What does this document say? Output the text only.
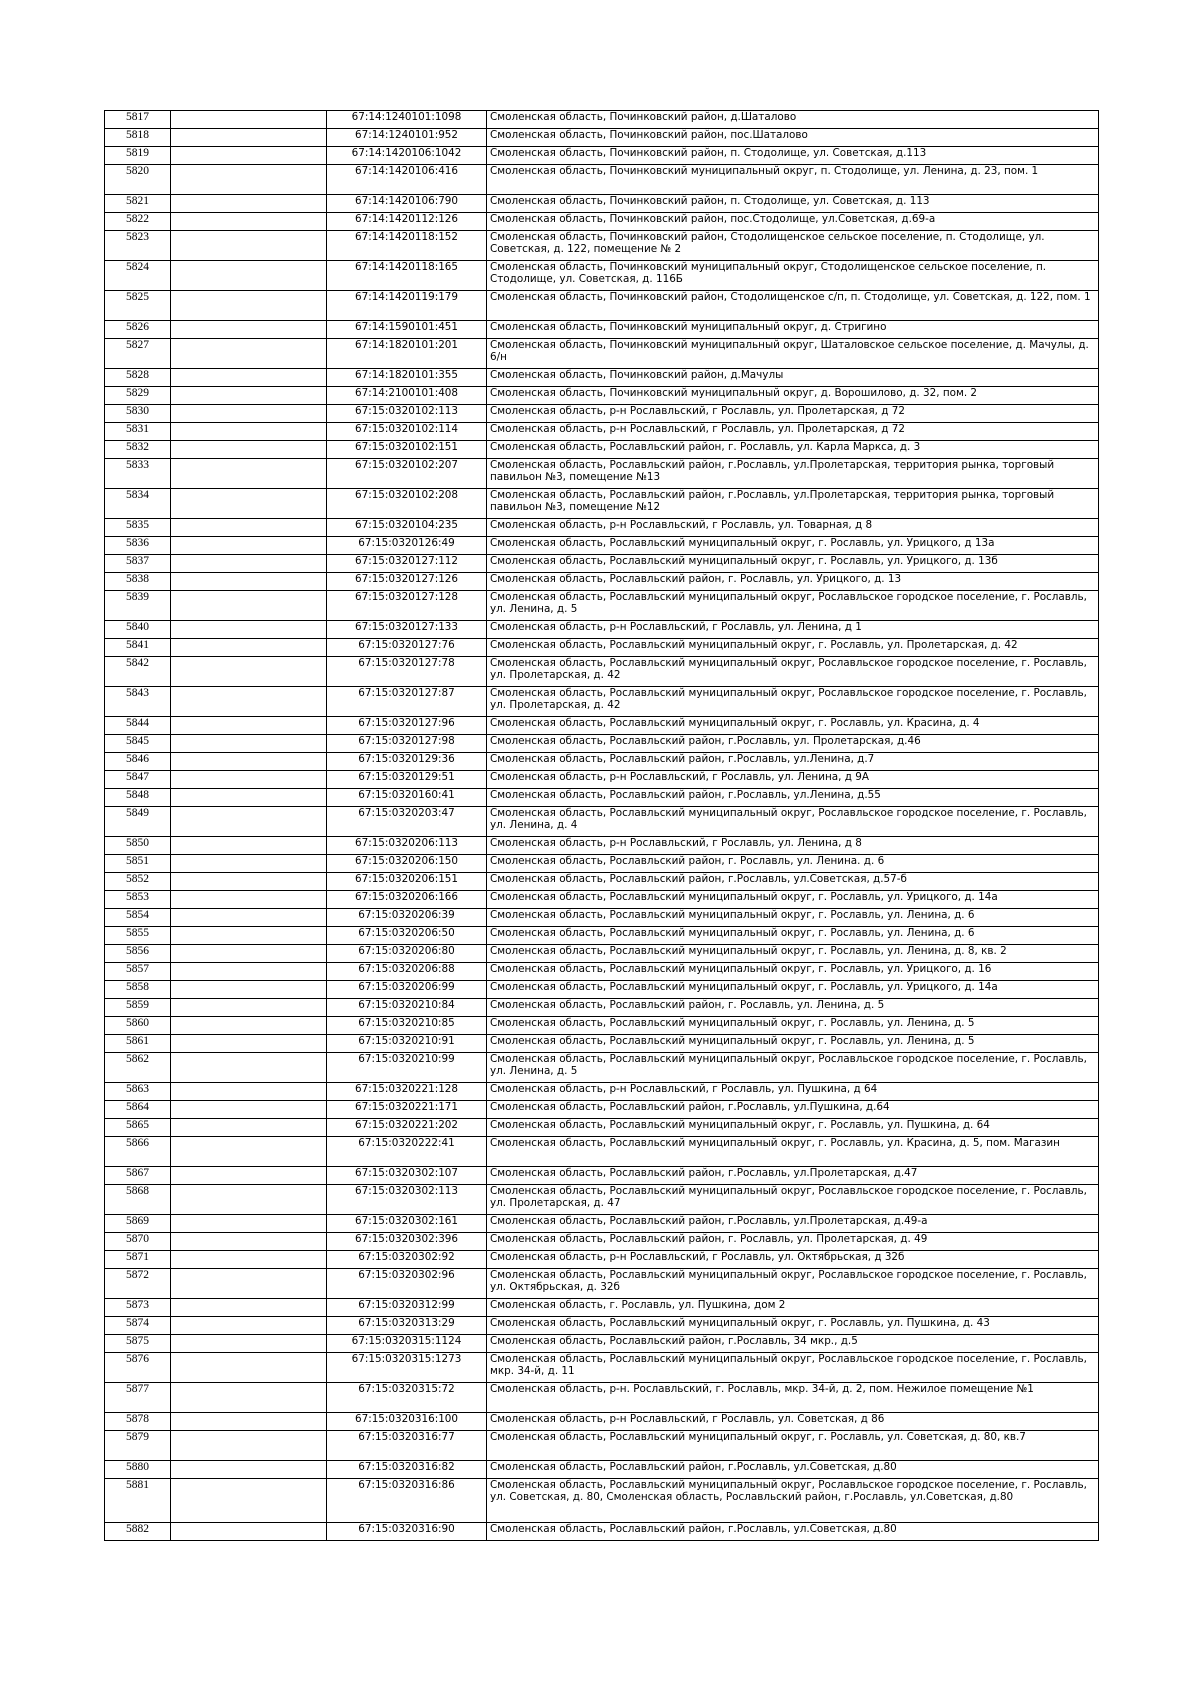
5817		67:14:1240101:1098	Смоленская область, Починковский район, д.Шаталово
5818		67:14:1240101:952	Смоленская область, Починковский район, пос.Шаталово
5819		67:14:1420106:1042	Смоленская область, Починковский район, п. Стодолище, ул. Советская, д.113
5820		67:14:1420106:416	Смоленская область, Починковский муниципальный округ, п. Стодолище, ул. Ленина, д. 23, пом. 1
5821		67:14:1420106:790	Смоленская область, Починковский район, п. Стодолище, ул. Советская, д. 113
5822		67:14:1420112:126	Смоленская область, Починковский район, пос.Стодолище, ул.Советская, д.69-а
5823		67:14:1420118:152	Смоленская область, Починковский район, Стодолищенское сельское поселение, п. Стодолище, ул. Советская, д. 122, помещение № 2
5824		67:14:1420118:165	Смоленская область, Починковский муниципальный округ, Стодолищенское сельское поселение, п. Стодолище, ул. Советская, д. 116Б
5825		67:14:1420119:179	Смоленская область, Починковский район, Стодолищенское с/п, п. Стодолище, ул. Советская, д. 122, пом. 1
5826		67:14:1590101:451	Смоленская область, Починковский муниципальный округ, д. Стригино
5827		67:14:1820101:201	Смоленская область, Починковский муниципальный округ, Шаталовское сельское поселение, д. Мачулы, д. 6/н
5828		67:14:1820101:355	Смоленская область, Починковский район, д.Мачулы
5829		67:14:2100101:408	Смоленская область, Починковский муниципальный округ, д. Ворошилово, д. 32, пом. 2
5830		67:15:0320102:113	Смоленская область, р-н Рославльский, г Рославль, ул. Пролетарская, д 72
5831		67:15:0320102:114	Смоленская область, р-н Рославльский, г Рославль, ул. Пролетарская, д 72
5832		67:15:0320102:151	Смоленская область, Рославльский район, г. Рославль, ул. Карла Маркса, д. 3
5833		67:15:0320102:207	Смоленская область, Рославльский район, г.Рославль, ул.Пролетарская, территория рынка, торговый павильон №3, помещение №13
5834		67:15:0320102:208	Смоленская область, Рославльский район, г.Рославль, ул.Пролетарская, территория рынка, торговый павильон №3, помещение №12
5835		67:15:0320104:235	Смоленская область, р-н Рославльский, г Рославль, ул. Товарная, д 8
5836		67:15:0320126:49	Смоленская область, Рославльский муниципальный округ, г. Рославль, ул. Урицкого, д 13а
5837		67:15:0320127:112	Смоленская область, Рославльский муниципальный округ, г. Рославль, ул. Урицкого, д. 13б
5838		67:15:0320127:126	Смоленская область, Рославльский район, г. Рославль, ул. Урицкого, д. 13
5839		67:15:0320127:128	Смоленская область, Рославльский муниципальный округ, Рославльское городское поселение, г. Рославль, ул. Ленина, д. 5
5840		67:15:0320127:133	Смоленская область, р-н Рославльский, г Рославль, ул. Ленина, д 1
5841		67:15:0320127:76	Смоленская область, Рославльский муниципальный округ, г. Рославль, ул. Пролетарская, д. 42
5842		67:15:0320127:78	Смоленская область, Рославльский муниципальный округ, Рославльское городское поселение, г. Рославль, ул. Пролетарская, д. 42
5843		67:15:0320127:87	Смоленская область, Рославльский муниципальный округ, Рославльское городское поселение, г. Рославль, ул. Пролетарская, д. 42
5844		67:15:0320127:96	Смоленская область, Рославльский муниципальный округ, г. Рославль, ул. Красина, д. 4
5845		67:15:0320127:98	Смоленская область, Рославльский район, г.Рославль, ул. Пролетарская, д.46
5846		67:15:0320129:36	Смоленская область, Рославльский район, г.Рославль, ул.Ленина, д.7
5847		67:15:0320129:51	Смоленская область, р-н Рославльский, г Рославль, ул. Ленина, д 9А
5848		67:15:0320160:41	Смоленская область, Рославльский район, г.Рославль, ул.Ленина, д.55
5849		67:15:0320203:47	Смоленская область, Рославльский муниципальный округ, Рославльское городское поселение, г. Рославль, ул. Ленина, д. 4
5850		67:15:0320206:113	Смоленская область, р-н Рославльский, г Рославль, ул. Ленина, д 8
5851		67:15:0320206:150	Смоленская область, Рославльский район, г. Рославль, ул. Ленина. д. 6
5852		67:15:0320206:151	Смоленская область, Рославльский район, г.Рославль, ул.Советская, д.57-б
5853		67:15:0320206:166	Смоленская область, Рославльский муниципальный округ, г. Рославль, ул. Урицкого, д. 14а
5854		67:15:0320206:39	Смоленская область, Рославльский муниципальный округ, г. Рославль, ул. Ленина, д. 6
5855		67:15:0320206:50	Смоленская область, Рославльский муниципальный округ, г. Рославль, ул. Ленина, д. 6
5856		67:15:0320206:80	Смоленская область, Рославльский муниципальный округ, г. Рославль, ул. Ленина, д. 8, кв. 2
5857		67:15:0320206:88	Смоленская область, Рославльский муниципальный округ, г. Рославль, ул. Урицкого, д. 16
5858		67:15:0320206:99	Смоленская область, Рославльский муниципальный округ, г. Рославль, ул. Урицкого, д. 14а
5859		67:15:0320210:84	Смоленская область, Рославльский район, г. Рославль, ул. Ленина, д. 5
5860		67:15:0320210:85	Смоленская область, Рославльский муниципальный округ, г. Рославль, ул. Ленина, д. 5
5861		67:15:0320210:91	Смоленская область, Рославльский муниципальный округ, г. Рославль, ул. Ленина, д. 5
5862		67:15:0320210:99	Смоленская область, Рославльский муниципальный округ, Рославльское городское поселение, г. Рославль, ул. Ленина, д. 5
5863		67:15:0320221:128	Смоленская область, р-н Рославльский, г Рославль, ул. Пушкина, д 64
5864		67:15:0320221:171	Смоленская область, Рославльский район, г.Рославль, ул.Пушкина, д.64
5865		67:15:0320221:202	Смоленская область, Рославльский муниципальный округ, г. Рославль, ул. Пушкина, д. 64
5866		67:15:0320222:41	Смоленская область, Рославльский муниципальный округ, г. Рославль, ул. Красина, д. 5, пом. Магазин
5867		67:15:0320302:107	Смоленская область, Рославльский район, г.Рославль, ул.Пролетарская, д.47
5868		67:15:0320302:113	Смоленская область, Рославльский муниципальный округ, Рославльское городское поселение, г. Рославль, ул. Пролетарская, д. 47
5869		67:15:0320302:161	Смоленская область, Рославльский район, г.Рославль, ул.Пролетарская, д.49-а
5870		67:15:0320302:396	Смоленская область, Рославльский район, г. Рославль, ул. Пролетарская, д. 49
5871		67:15:0320302:92	Смоленская область, р-н Рославльский, г Рославль, ул. Октябрьская, д 32б
5872		67:15:0320302:96	Смоленская область, Рославльский муниципальный округ, Рославльское городское поселение, г. Рославль, ул. Октябрьская, д. 32б
5873		67:15:0320312:99	Смоленская область, г. Рославль, ул. Пушкина, дом 2
5874		67:15:0320313:29	Смоленская область, Рославльский муниципальный округ, г. Рославль, ул. Пушкина, д. 43
5875		67:15:0320315:1124	Смоленская область, Рославльский район, г.Рославль, 34 мкр., д.5
5876		67:15:0320315:1273	Смоленская область, Рославльский муниципальный округ, Рославльское городское поселение, г. Рославль, мкр. 34-й, д. 11
5877		67:15:0320315:72	Смоленская область, р-н. Рославльский, г. Рославль, мкр. 34-й, д. 2, пом. Нежилое помещение №1
5878		67:15:0320316:100	Смоленская область, р-н Рославльский, г Рославль, ул. Советская, д 86
5879		67:15:0320316:77	Смоленская область, Рославльский муниципальный округ, г. Рославль, ул. Советская, д. 80, кв.7
5880		67:15:0320316:82	Смоленская область, Рославльский район, г.Рославль, ул.Советская, д.80
5881		67:15:0320316:86	Смоленская область, Рославльский муниципальный округ, Рославльское городское поселение, г. Рославль, ул. Советская, д. 80, Смоленская область, Рославльский район, г.Рославль, ул.Советская, д.80
5882		67:15:0320316:90	Смоленская область, Рославльский район, г.Рославль, ул.Советская, д.80
